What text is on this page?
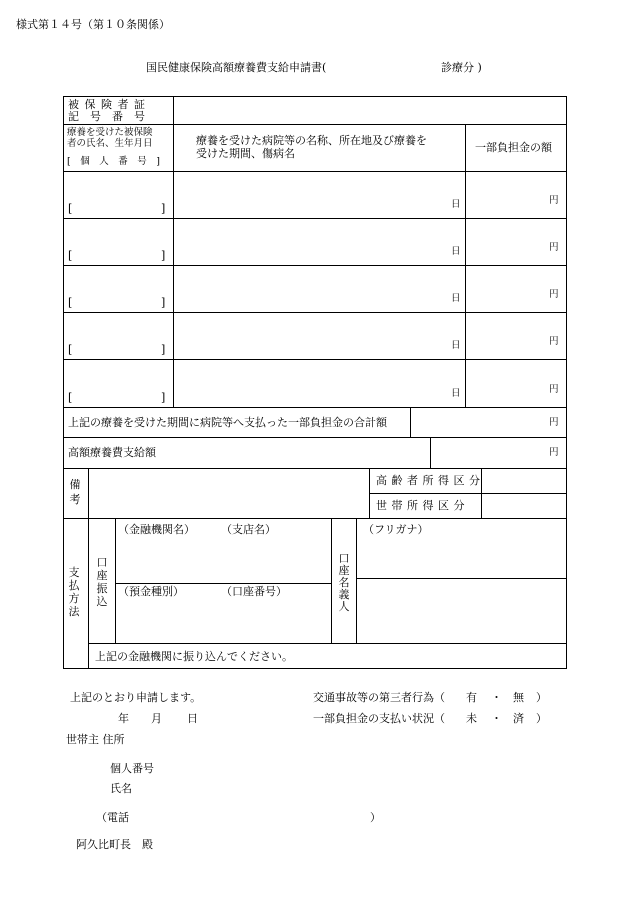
様式第１４号（第１０条関係）
国民健康保険高額療養費支給申請書(	診療分 )
被 保 険 者 証
記　号　番　号
療養を受けた被保険
者の氏名、生年月日
[　個　人　番　号　]
療養を受けた病院等の名称、所在地及び療養を
受けた期間、傷病名	一部負担金の額
[	]	日	円
[	]	日	円
[	]	日	円
[	]	日	円
[	]	日	円
上記の療養を受けた期間に病院等へ支払った一部負担金の合計額	円
高額療養費支給額	円
備考
高 齢 者 所 得 区 分
世 帯 所 得 区 分
支払方法
口座振込
（金融機関名） （支店名）
（預金種別）	（口座番号）
口座名義人
（フリガナ）
上記の金融機関に振り込んでください。
上記のとおり申請します。
年 月 日
世帯主 住所
個人番号
氏名
（電話	）
阿久比町長　殿
交通事故等の第三者行為（ 有 ・ 無 ）
一部負担金の支払い状況（ 未 ・ 済 ）
